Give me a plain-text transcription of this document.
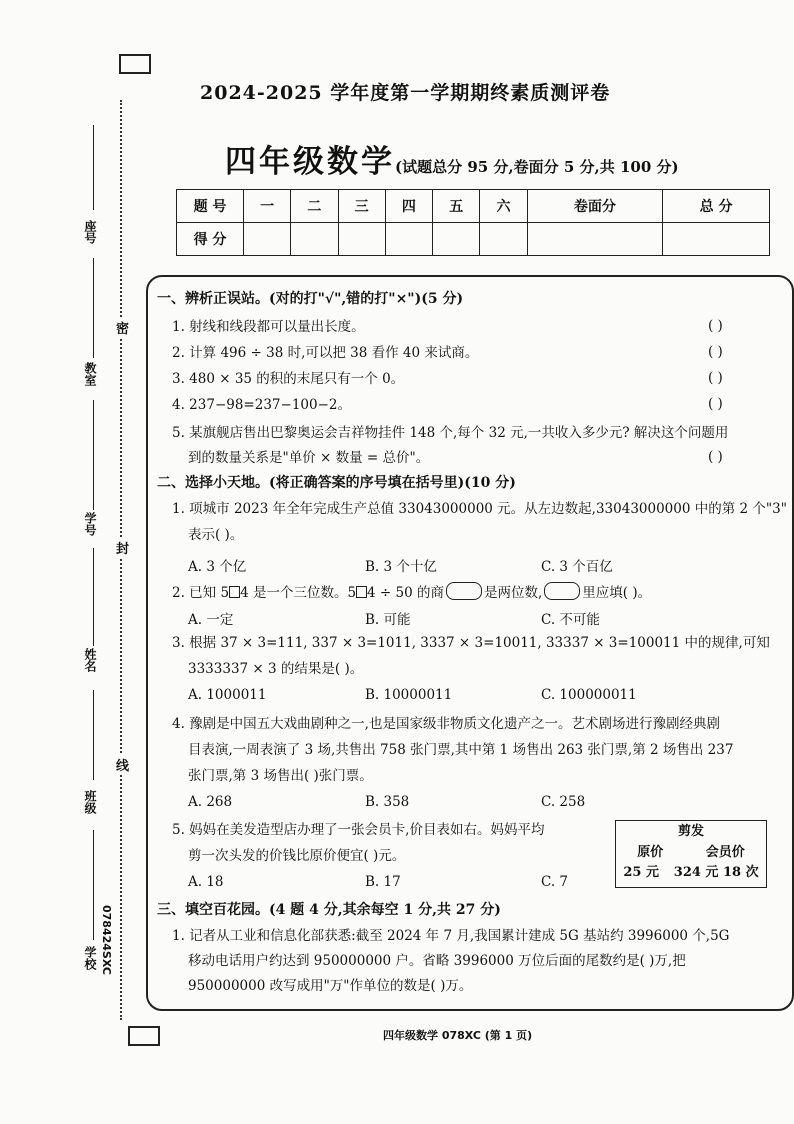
座号
教室
学号
姓名
班级
学校 078424SXC
密
封
线
2024-2025 学年度第一学期期终素质测评卷
四年级数学(试题总分 95 分,卷面分 5 分,共 100 分)
题 号	一	二	三	四	五	六	卷面分	总 分
得 分								
一、辨析正误站。(对的打"√",错的打"×")(5 分)
1. 射线和线段都可以量出长度。	( )
2. 计算 496 ÷ 38 时,可以把 38 看作 40 来试商。	( )
3. 480 × 35 的积的末尾只有一个 0。	( )
4. 237−98=237−100−2。	( )
5. 某旗舰店售出巴黎奥运会吉祥物挂件 148 个,每个 32 元,一共收入多少元? 解决这个问题用
到的数量关系是"单价 × 数量 = 总价"。	( )
二、选择小天地。(将正确答案的序号填在括号里)(10 分)
1. 项城市 2023 年全年完成生产总值 33043000000 元。从左边数起,33043000000 中的第 2 个"3"
表示( )。
A. 3 个亿	B. 3 个十亿	C. 3 个百亿
2. 已知 5 4 是一个三位数。5 4 ÷ 50 的商	是两位数,	里应填( )。
A. 一定	B. 可能	C. 不可能
3. 根据 37 × 3=111, 337 × 3=1011, 3337 × 3=10011, 33337 × 3=100011 中的规律,可知
3333337 × 3 的结果是( )。
A. 1000011	B. 10000011	C. 100000011
4. 豫剧是中国五大戏曲剧种之一,也是国家级非物质文化遗产之一。艺术剧场进行豫剧经典剧
目表演,一周表演了 3 场,共售出 758 张门票,其中第 1 场售出 263 张门票,第 2 场售出 237
张门票,第 3 场售出( )张门票。
A. 268	B. 358	C. 258
5. 妈妈在美发造型店办理了一张会员卡,价目表如右。妈妈平均
剪一次头发的价钱比原价便宜( )元。
A. 18	B. 17	C. 7
剪发
原价	会员价
25 元 324 元 18 次
三、填空百花园。(4 题 4 分,其余每空 1 分,共 27 分)
1. 记者从工业和信息化部获悉:截至 2024 年 7 月,我国累计建成 5G 基站约 3996000 个,5G
移动电话用户约达到 950000000 户。省略 3996000 万位后面的尾数约是( )万,把
950000000 改写成用"万"作单位的数是( )万。
四年级数学 078XC (第 1 页)
